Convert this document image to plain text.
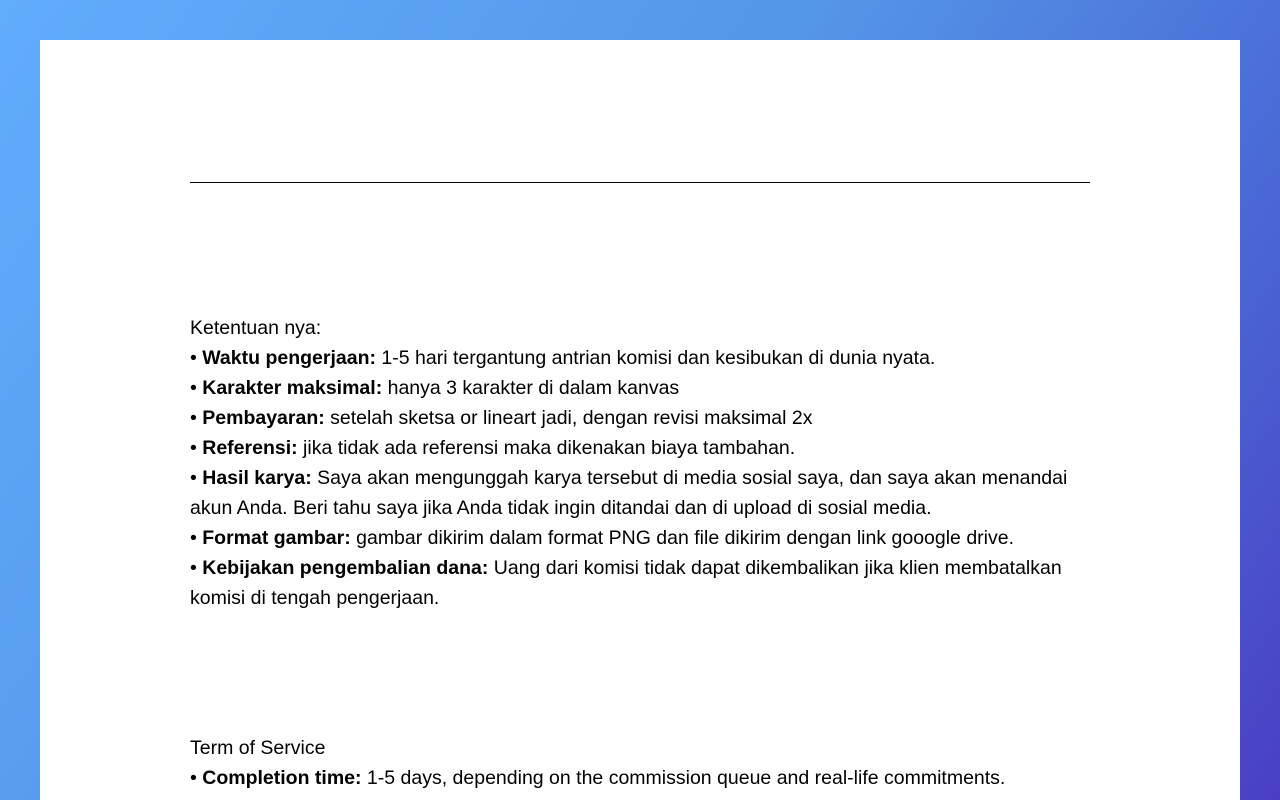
Ketentuan nya:
• Waktu pengerjaan: 1-5 hari tergantung antrian komisi dan kesibukan di dunia nyata.
• Karakter maksimal: hanya 3 karakter di dalam kanvas
• Pembayaran: setelah sketsa or lineart jadi, dengan revisi maksimal 2x
• Referensi: jika tidak ada referensi maka dikenakan biaya tambahan.
• Hasil karya: Saya akan mengunggah karya tersebut di media sosial saya, dan saya akan menandai akun Anda. Beri tahu saya jika Anda tidak ingin ditandai dan di upload di sosial media.
• Format gambar: gambar dikirim dalam format PNG dan file dikirim dengan link gooogle drive.
• Kebijakan pengembalian dana: Uang dari komisi tidak dapat dikembalikan jika klien membatalkan komisi di tengah pengerjaan.
Term of Service
• Completion time: 1-5 days, depending on the commission queue and real-life commitments.
